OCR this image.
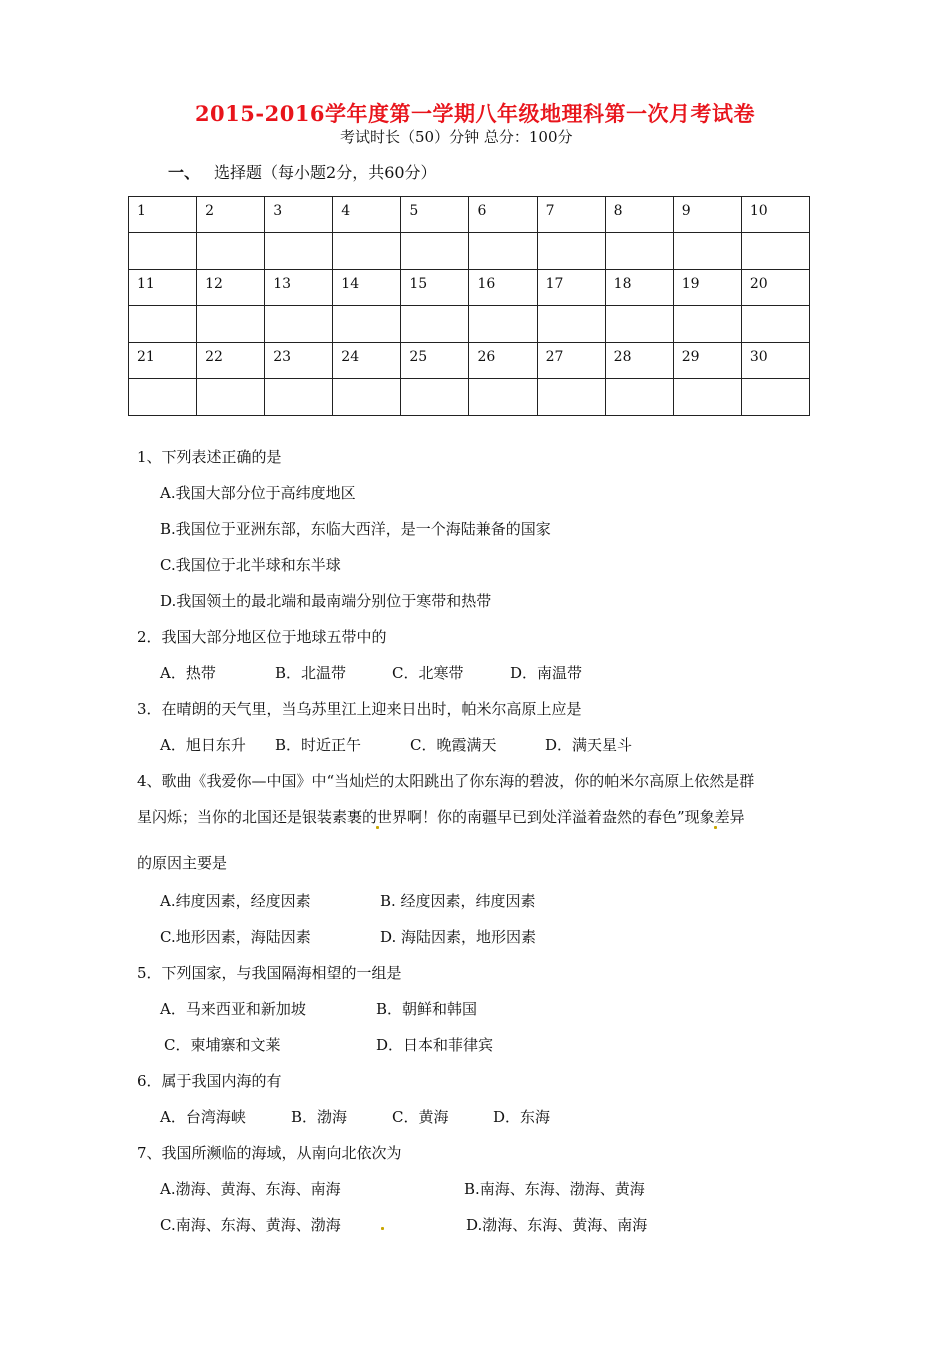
2015-2016学年度第一学期八年级地理科第一次月考试卷
考试时长（50）分钟 总分：100分
一、 选择题（每小题2分，共60分）
1	2	3	4	5	6	7	8	9	10

11	12	13	14	15	16	17	18	19	20

21	22	23	24	25	26	27	28	29	30

1、下列表述正确的是
A.我国大部分位于高纬度地区
B.我国位于亚洲东部，东临大西洋，是一个海陆兼备的国家
C.我国位于北半球和东半球
D.我国领土的最北端和最南端分别位于寒带和热带
2．我国大部分地区位于地球五带中的
A．热带	B．北温带	C．北寒带	D．南温带
3．在晴朗的天气里，当乌苏里江上迎来日出时，帕米尔高原上应是
A．旭日东升 B．时近正午	C．晚霞满天	D．满天星斗
4、歌曲《我爱你—中国》中“当灿烂的太阳跳出了你东海的碧波，你的帕米尔高原上依然是群
星闪烁；当你的北国还是银装素裹的世界啊！你的南疆早已到处洋溢着盎然的春色”现象差异
的原因主要是
A.纬度因素，经度因素	B. 经度因素，纬度因素
C.地形因素，海陆因素	D. 海陆因素，地形因素
5．下列国家，与我国隔海相望的一组是
A．马来西亚和新加坡	B．朝鲜和韩国
C．柬埔寨和文莱	D．日本和菲律宾
6．属于我国内海的有
A．台湾海峡	B．渤海	C．黄海	D．东海
7、我国所濒临的海域，从南向北依次为
A.渤海、黄海、东海、南海	B.南海、东海、渤海、黄海
C.南海、东海、黄海、渤海	D.渤海、东海、黄海、南海
